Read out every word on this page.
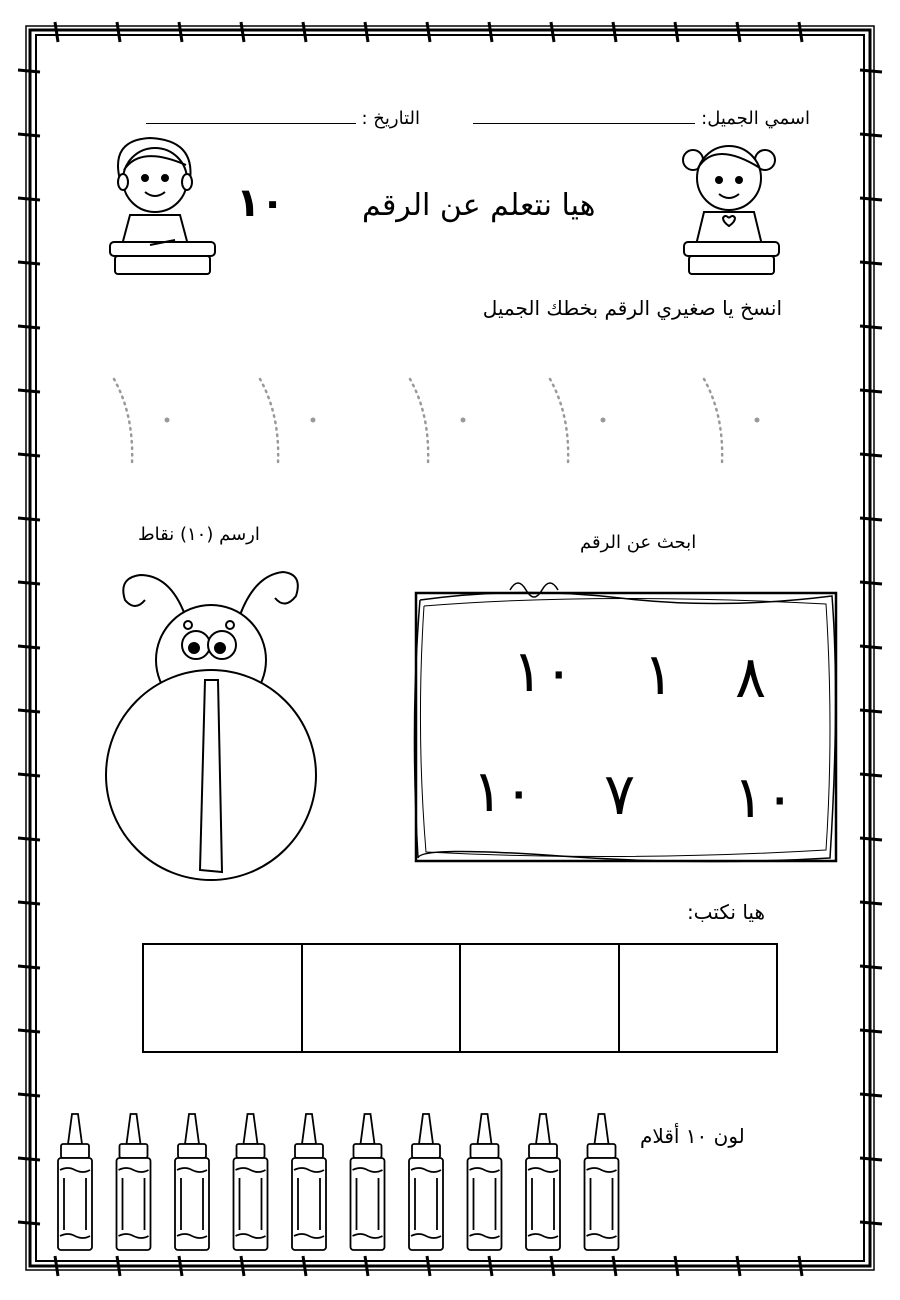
اسمي الجميل:
التاريخ :
هيا نتعلم عن الرقم
١٠
انسخ يا صغيري الرقم بخطك الجميل
ارسم (١٠) نقاط	ابحث عن الرقم
١٠ ١ ٨
١٠ ٧ ١٠
هيا نكتب:
لون ١٠ أقلام
